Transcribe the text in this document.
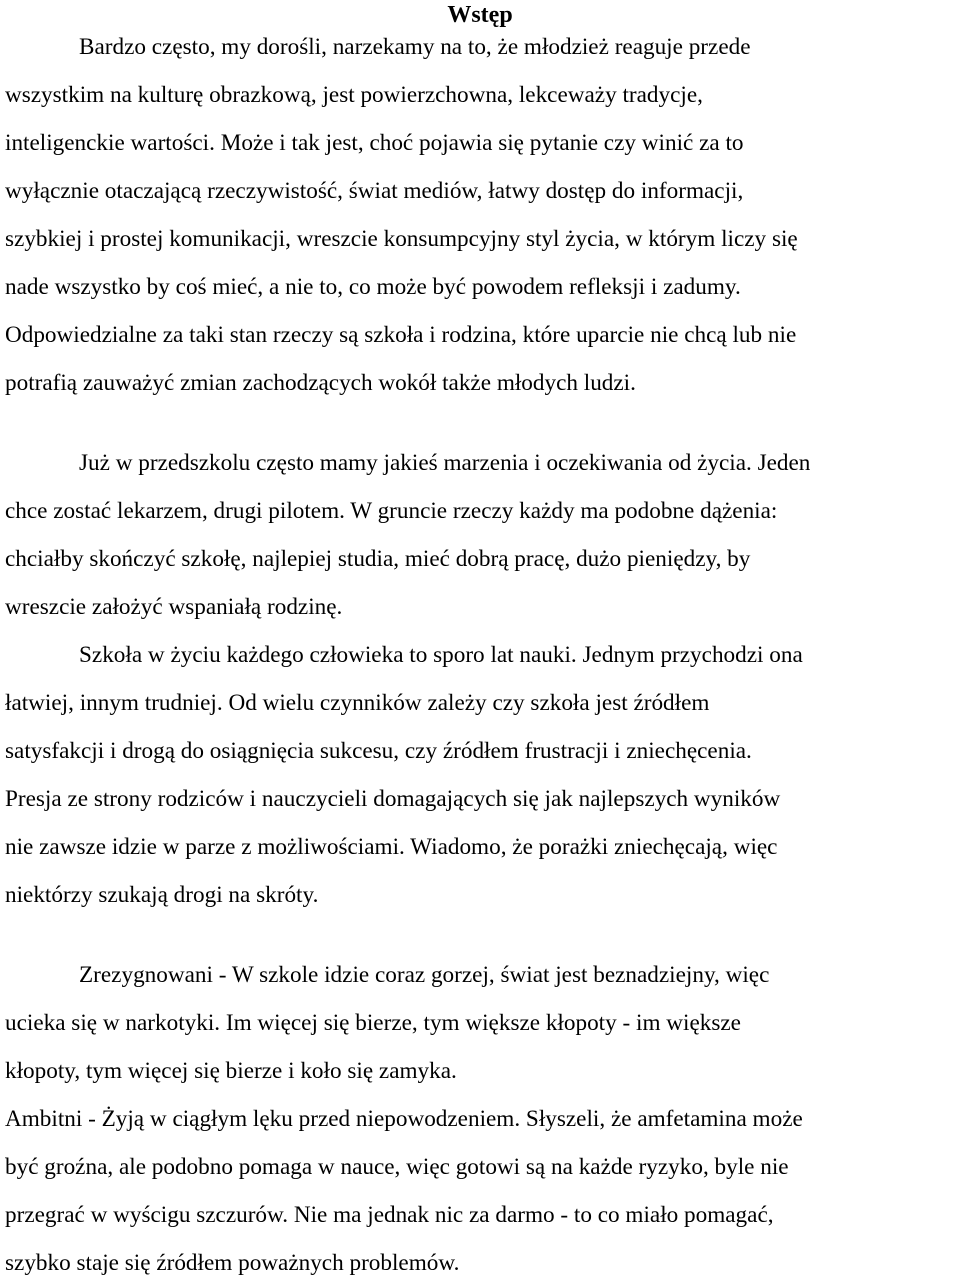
Wstęp
Bardzo często, my dorośli, narzekamy na to, że młodzież reaguje przede
wszystkim na kulturę obrazkową, jest powierzchowna, lekceważy tradycje,
inteligenckie wartości. Może i tak jest, choć pojawia się pytanie czy winić za to
wyłącznie otaczającą rzeczywistość, świat mediów, łatwy dostęp do informacji,
szybkiej i prostej komunikacji, wreszcie konsumpcyjny styl życia, w którym liczy się
nade wszystko by coś mieć, a nie to, co może być powodem refleksji i zadumy.
Odpowiedzialne za taki stan rzeczy są szkoła i rodzina, które uparcie nie chcą lub nie
potrafią zauważyć zmian zachodzących wokół także młodych ludzi.
Już w przedszkolu często mamy jakieś marzenia i oczekiwania od życia. Jeden
chce zostać lekarzem, drugi pilotem. W gruncie rzeczy każdy ma podobne dążenia:
chciałby skończyć szkołę, najlepiej studia, mieć dobrą pracę, dużo pieniędzy, by
wreszcie założyć wspaniałą rodzinę.
Szkoła w życiu każdego człowieka to sporo lat nauki. Jednym przychodzi ona
łatwiej, innym trudniej. Od wielu czynników zależy czy szkoła jest źródłem
satysfakcji i drogą do osiągnięcia sukcesu, czy źródłem frustracji i zniechęcenia.
Presja ze strony rodziców i nauczycieli domagających się jak najlepszych wyników
nie zawsze idzie w parze z możliwościami. Wiadomo, że porażki zniechęcają, więc
niektórzy szukają drogi na skróty.
Zrezygnowani - W szkole idzie coraz gorzej, świat jest beznadziejny, więc
ucieka się w narkotyki. Im więcej się bierze, tym większe kłopoty - im większe
kłopoty, tym więcej się bierze i koło się zamyka.
Ambitni - Żyją w ciągłym lęku przed niepowodzeniem. Słyszeli, że amfetamina może
być groźna, ale podobno pomaga w nauce, więc gotowi są na każde ryzyko, byle nie
przegrać w wyścigu szczurów. Nie ma jednak nic za darmo - to co miało pomagać,
szybko staje się źródłem poważnych problemów.
